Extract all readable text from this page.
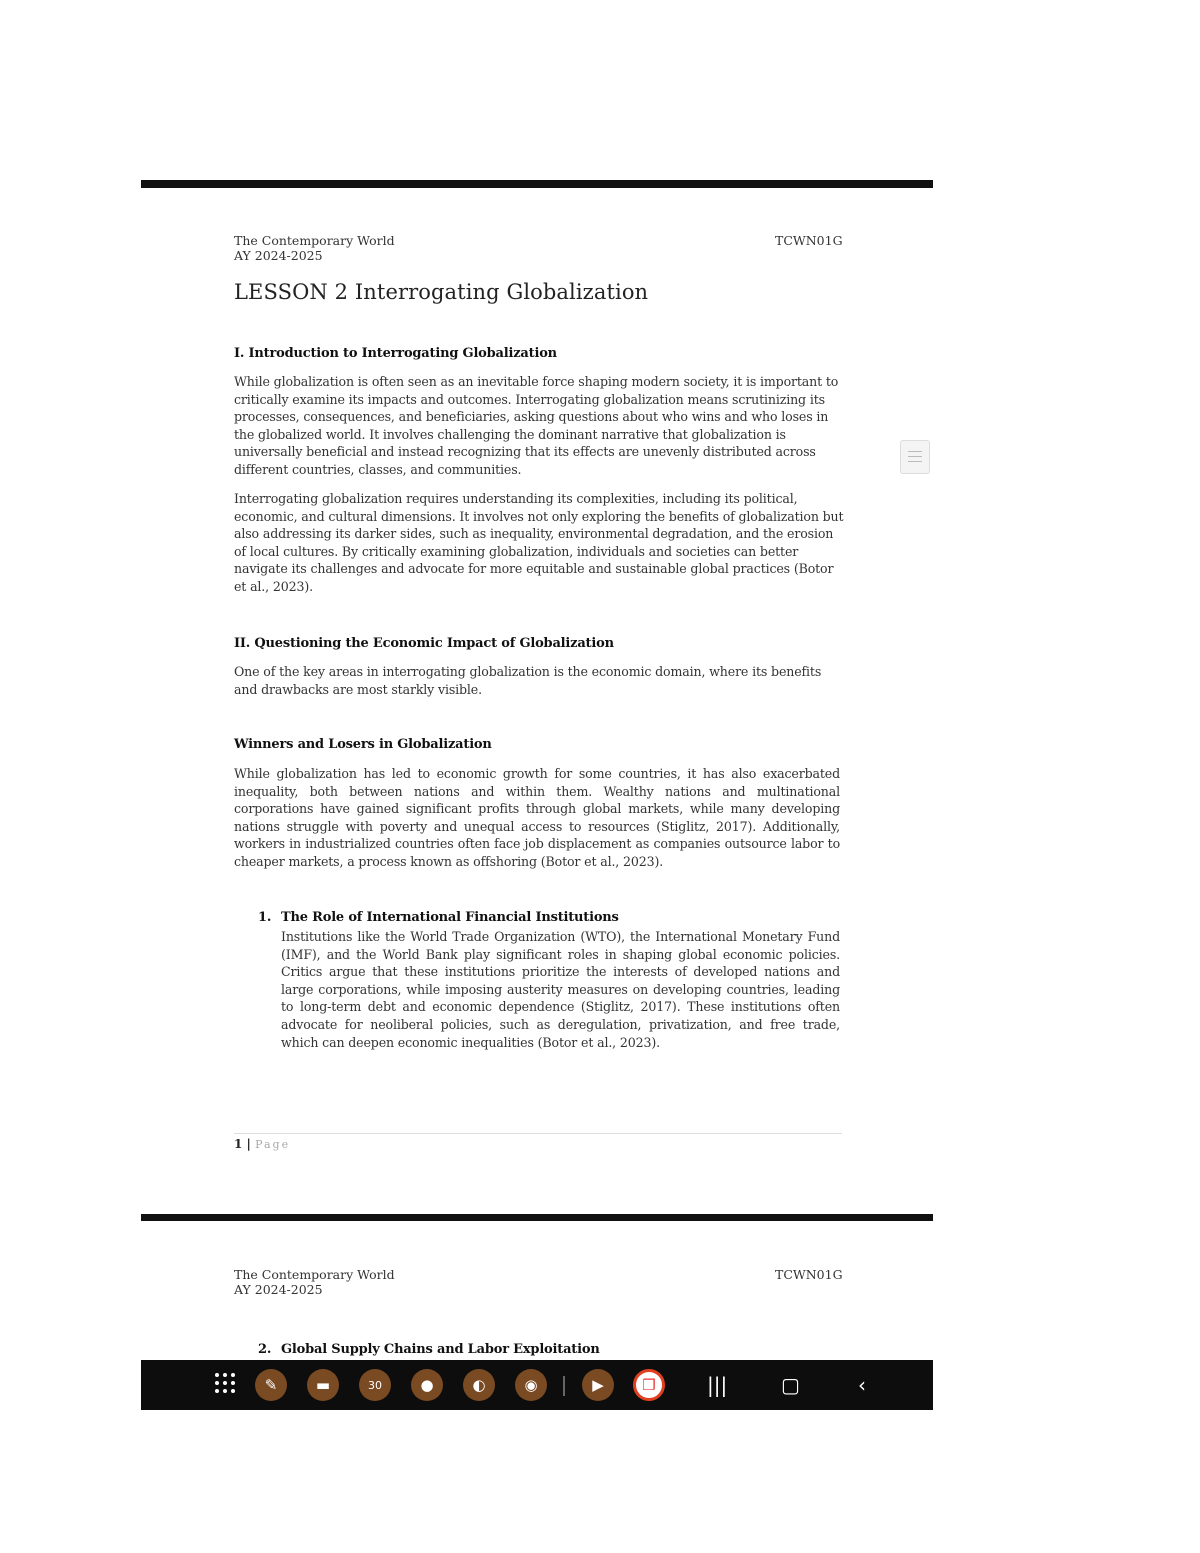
The Contemporary World
AY 2024-2025
TCWN01G
LESSON 2 Interrogating Globalization
I. Introduction to Interrogating Globalization

While globalization is often seen as an inevitable force shaping modern society, it is important to critically examine its impacts and outcomes. Interrogating globalization means scrutinizing its processes, consequences, and beneficiaries, asking questions about who wins and who loses in the globalized world. It involves challenging the dominant narrative that globalization is universally beneficial and instead recognizing that its effects are unevenly distributed across different countries, classes, and communities.

Interrogating globalization requires understanding its complexities, including its political, economic, and cultural dimensions. It involves not only exploring the benefits of globalization but also addressing its darker sides, such as inequality, environmental degradation, and the erosion of local cultures. By critically examining globalization, individuals and societies can better navigate its challenges and advocate for more equitable and sustainable global practices (Botor et al., 2023).

II. Questioning the Economic Impact of Globalization

One of the key areas in interrogating globalization is the economic domain, where its benefits and drawbacks are most starkly visible.

Winners and Losers in Globalization

While globalization has led to economic growth for some countries, it has also exacerbated inequality, both between nations and within them. Wealthy nations and multinational corporations have gained significant profits through global markets, while many developing nations struggle with poverty and unequal access to resources (Stiglitz, 2017). Additionally, workers in industrialized countries often face job displacement as companies outsource labor to cheaper markets, a process known as offshoring (Botor et al., 2023).

1. The Role of International Financial Institutions

Institutions like the World Trade Organization (WTO), the International Monetary Fund (IMF), and the World Bank play significant roles in shaping global economic policies. Critics argue that these institutions prioritize the interests of developed nations and large corporations, while imposing austerity measures on developing countries, leading to long-term debt and economic dependence (Stiglitz, 2017). These institutions often advocate for neoliberal policies, such as deregulation, privatization, and free trade, which can deepen economic inequalities (Botor et al., 2023).

1 | Page
The Contemporary World
AY 2024-2025
TCWN01G
2. Global Supply Chains and Labor Exploitation
✎	▬	30	●	◐	◉	▶	❒	|||	▢	‹
